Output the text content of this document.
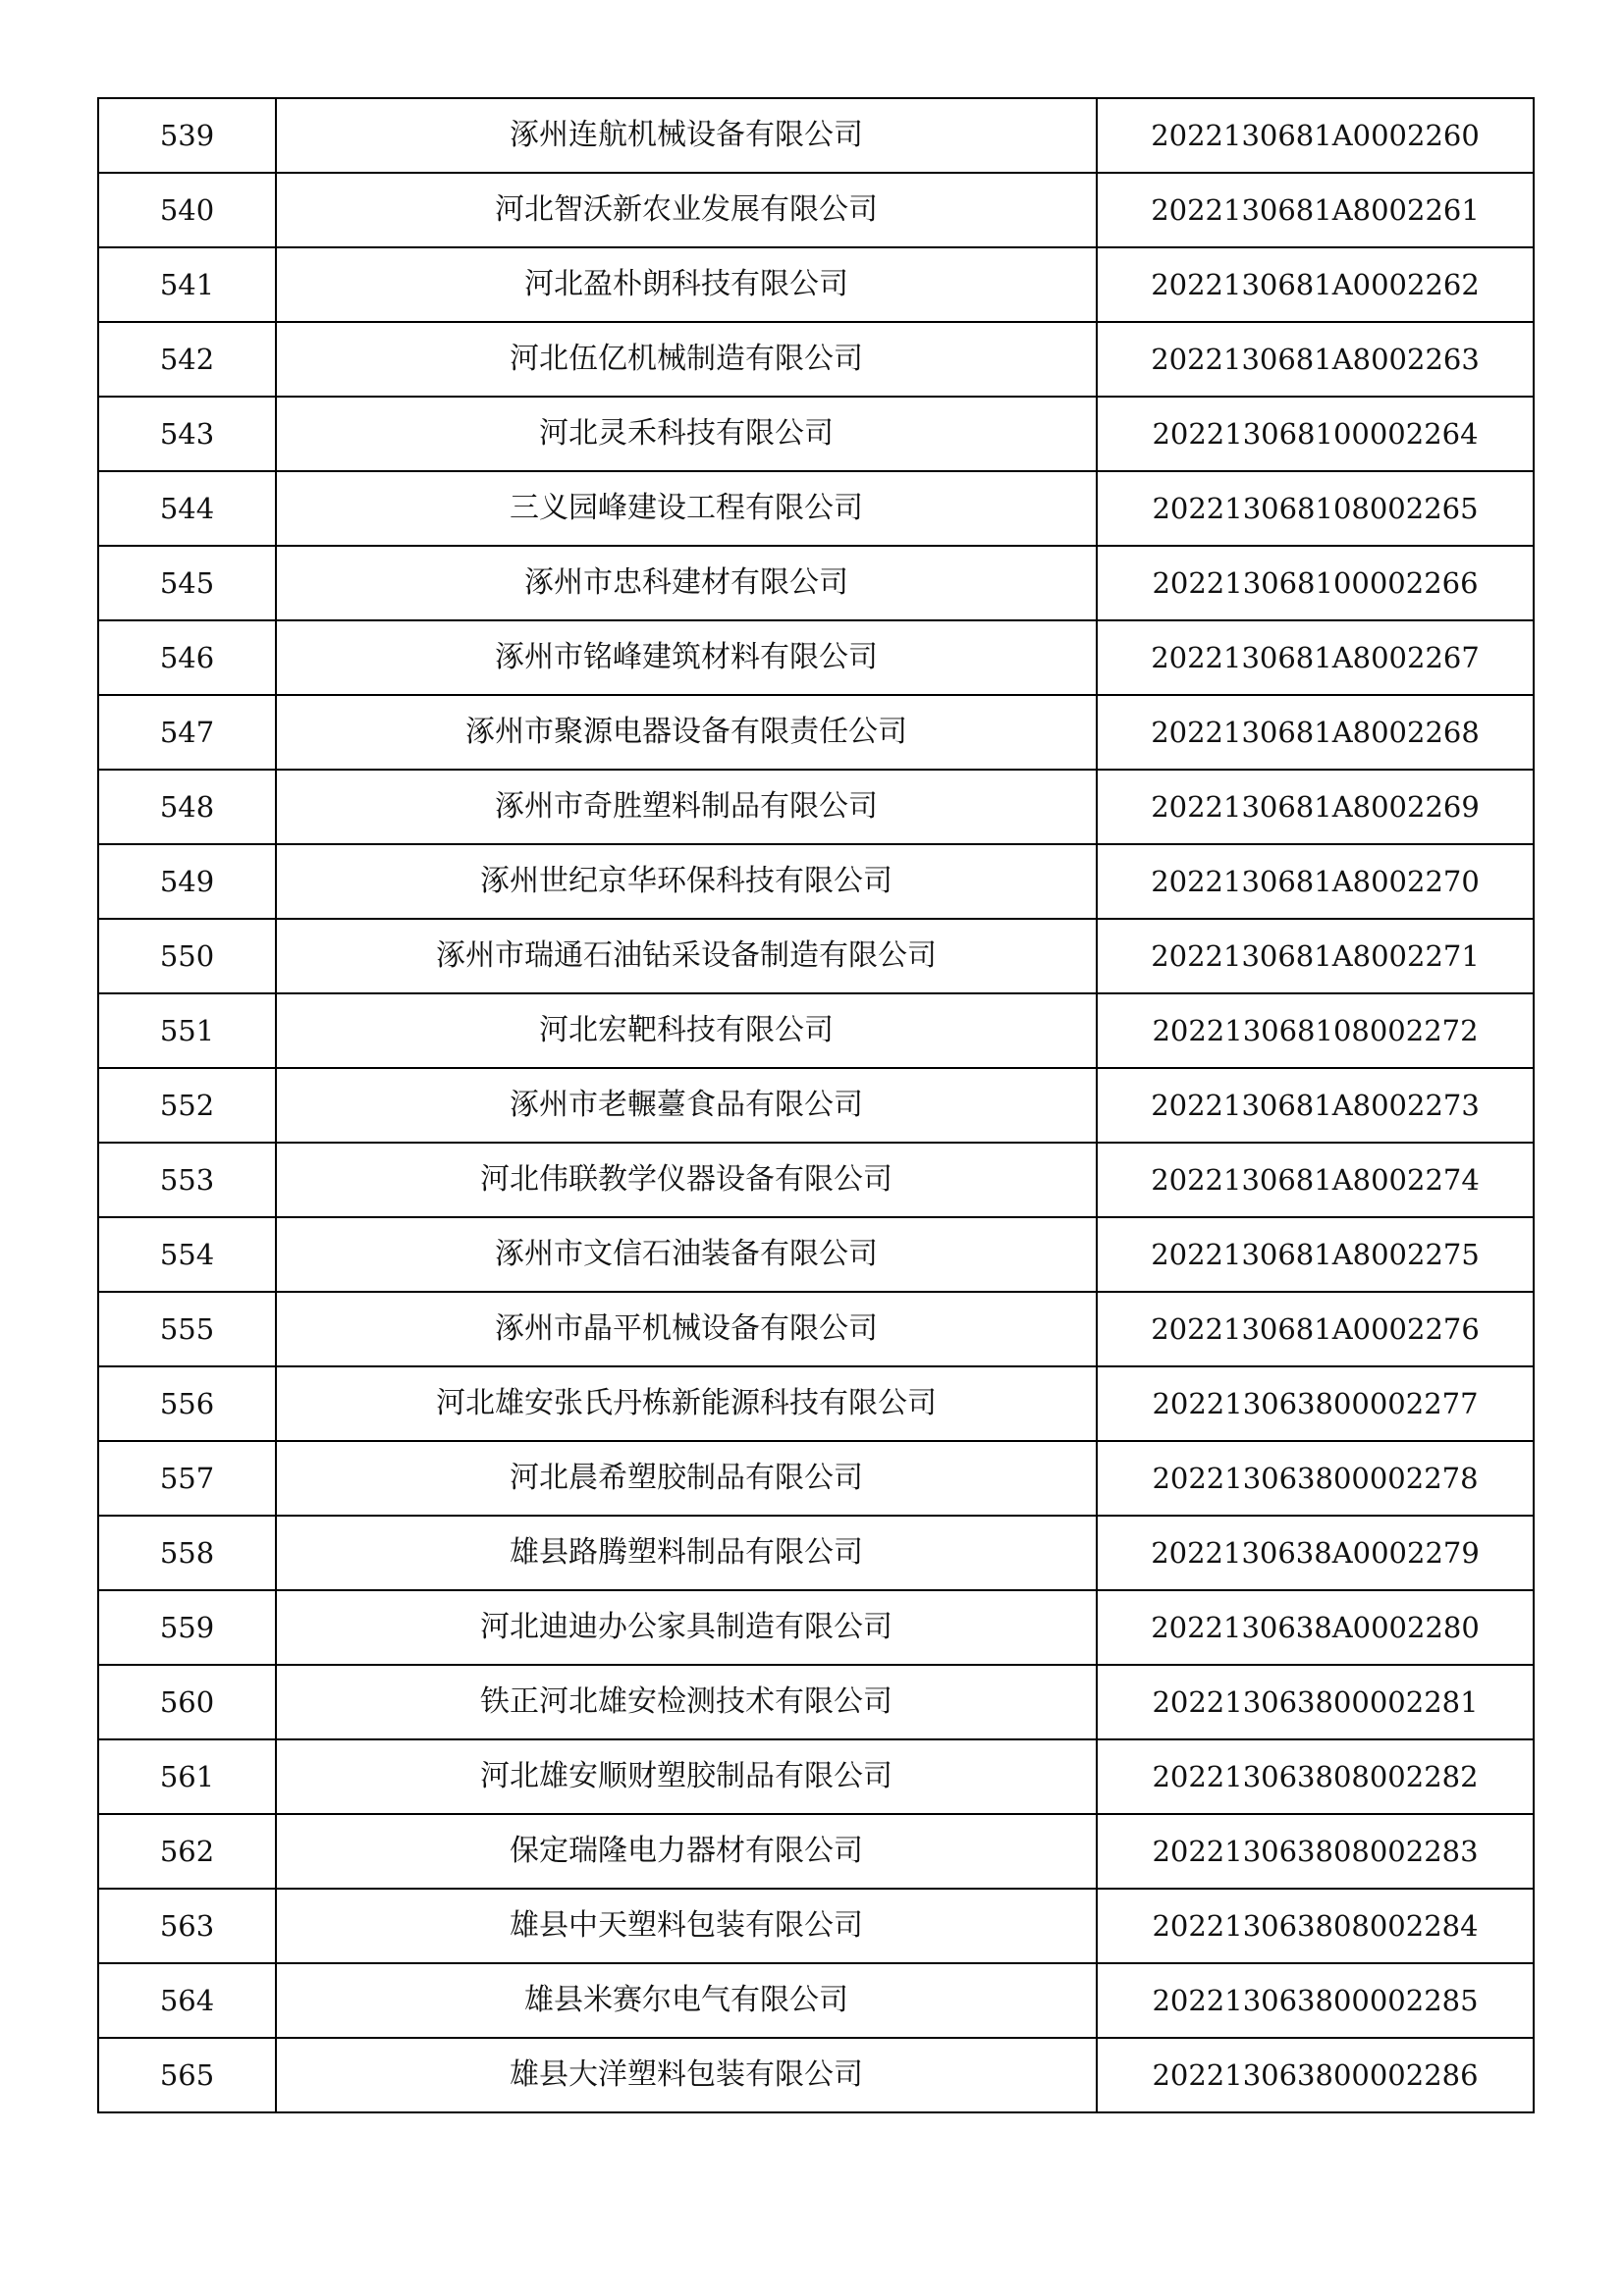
539	涿州连航机械设备有限公司	2022130681A0002260
540	河北智沃新农业发展有限公司	2022130681A8002261
541	河北盈朴朗科技有限公司	2022130681A0002262
542	河北伍亿机械制造有限公司	2022130681A8002263
543	河北灵禾科技有限公司	202213068100002264
544	三义园峰建设工程有限公司	202213068108002265
545	涿州市忠科建材有限公司	202213068100002266
546	涿州市铭峰建筑材料有限公司	2022130681A8002267
547	涿州市聚源电器设备有限责任公司	2022130681A8002268
548	涿州市奇胜塑料制品有限公司	2022130681A8002269
549	涿州世纪京华环保科技有限公司	2022130681A8002270
550	涿州市瑞通石油钻采设备制造有限公司	2022130681A8002271
551	河北宏靶科技有限公司	202213068108002272
552	涿州市老輾薹食品有限公司	2022130681A8002273
553	河北伟联教学仪器设备有限公司	2022130681A8002274
554	涿州市文信石油装备有限公司	2022130681A8002275
555	涿州市晶平机械设备有限公司	2022130681A0002276
556	河北雄安张氏丹栋新能源科技有限公司	202213063800002277
557	河北晨希塑胶制品有限公司	202213063800002278
558	雄县路腾塑料制品有限公司	2022130638A0002279
559	河北迪迪办公家具制造有限公司	2022130638A0002280
560	铁正河北雄安检测技术有限公司	202213063800002281
561	河北雄安顺财塑胶制品有限公司	202213063808002282
562	保定瑞隆电力器材有限公司	202213063808002283
563	雄县中天塑料包装有限公司	202213063808002284
564	雄县米赛尔电气有限公司	202213063800002285
565	雄县大洋塑料包装有限公司	202213063800002286
